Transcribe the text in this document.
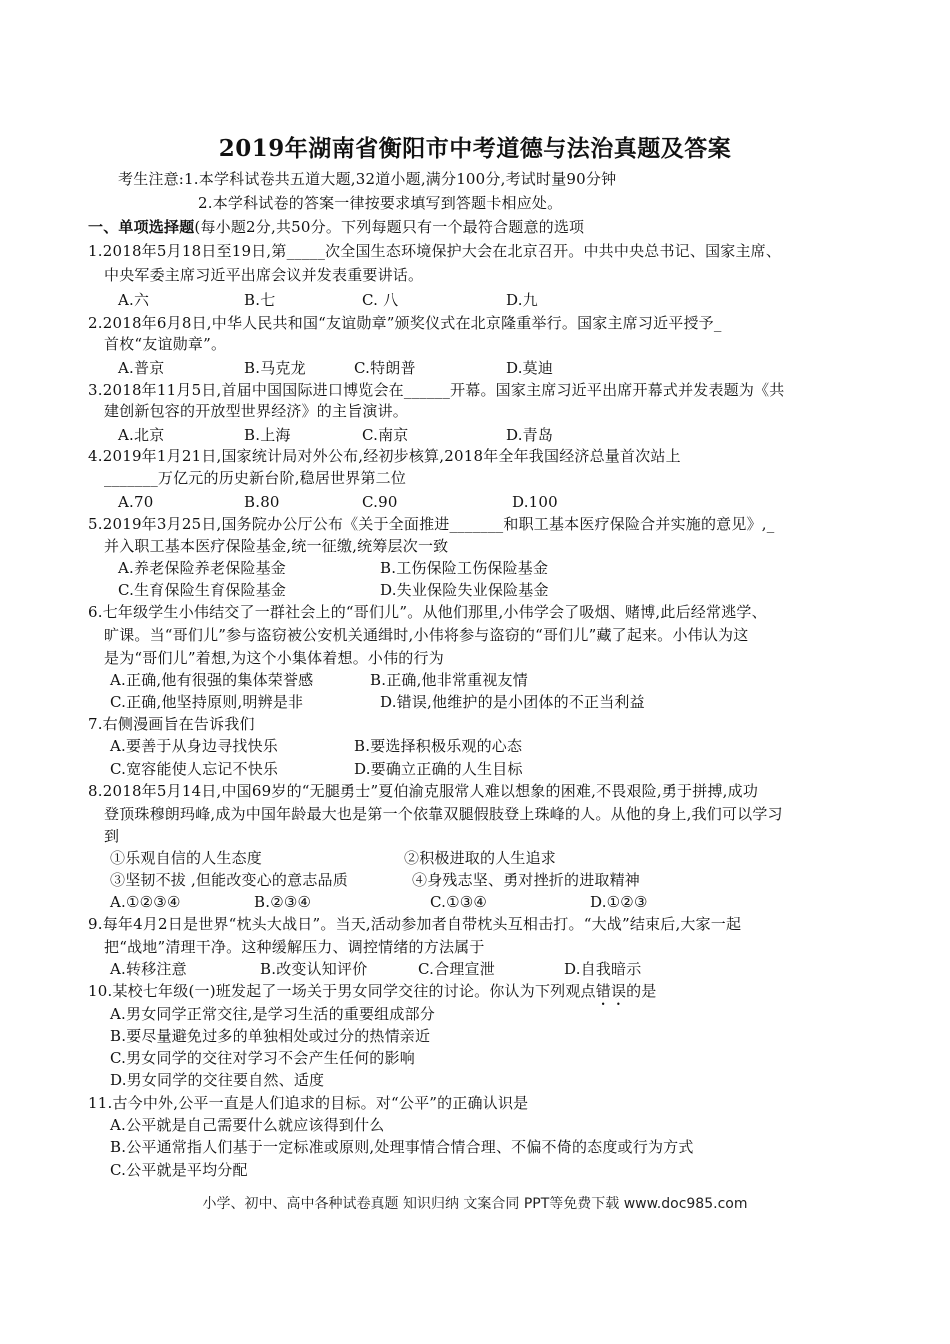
2019年湖南省衡阳市中考道德与法治真题及答案
考生注意:1.本学科试卷共五道大题,32道小题,满分100分,考试时量90分钟
2.本学科试卷的答案一律按要求填写到答题卡相应处。
一、单项选择题(每小题2分,共50分。下列每题只有一个最符合题意的选项
1.2018年5月18日至19日,第_____次全国生态环境保护大会在北京召开。中共中央总书记、国家主席、
中央军委主席习近平出席会议并发表重要讲话。
A.六	B.七	C. 八	D.九
2.2018年6月8日,中华人民共和国“友谊勋章”颁奖仪式在北京隆重举行。国家主席习近平授予_
首枚“友谊勋章”。
A.普京	B.马克龙	C.特朗普	D.莫迪
3.2018年11月5日,首届中国国际进口博览会在______开幕。国家主席习近平出席开幕式并发表题为《共
建创新包容的开放型世界经济》的主旨演讲。
A.北京	B.上海	C.南京	D.青岛
4.2019年1月21日,国家统计局对外公布,经初步核算,2018年全年我国经济总量首次站上
_______万亿元的历史新台阶,稳居世界第二位
A.70	B.80	C.90	D.100
5.2019年3月25日,国务院办公厅公布《关于全面推进_______和职工基本医疗保险合并实施的意见》,_
并入职工基本医疗保险基金,统一征缴,统筹层次一致
A.养老保险养老保险基金	B.工伤保险工伤保险基金
C.生育保险生育保险基金	D.失业保险失业保险基金
6.七年级学生小伟结交了一群社会上的“哥们儿”。从他们那里,小伟学会了吸烟、赌博,此后经常逃学、
旷课。当“哥们儿”参与盗窃被公安机关通缉时,小伟将参与盗窃的“哥们儿”藏了起来。小伟认为这
是为“哥们儿”着想,为这个小集体着想。小伟的行为
A.正确,他有很强的集体荣誉感	B.正确,他非常重视友情
C.正确,他坚持原则,明辨是非	D.错误,他维护的是小团体的不正当利益
7.右侧漫画旨在告诉我们
A.要善于从身边寻找快乐	B.要选择积极乐观的心态
C.宽容能使人忘记不快乐	D.要确立正确的人生目标
8.2018年5月14日,中国69岁的“无腿勇士”夏伯渝克服常人难以想象的困难,不畏艰险,勇于拼搏,成功
登顶珠穆朗玛峰,成为中国年龄最大也是第一个依靠双腿假肢登上珠峰的人。从他的身上,我们可以学习
到
①乐观自信的人生态度	②积极进取的人生追求
③坚韧不拔 ,但能改变心的意志品质	④身残志坚、勇对挫折的进取精神
A.①②③④	B.②③④	C.①③④	D.①②③
9.每年4月2日是世界“枕头大战日”。当天,活动参加者自带枕头互相击打。“大战”结束后,大家一起
把“战地”清理干净。这种缓解压力、调控情绪的方法属于
A.转移注意	B.改变认知评价	C.合理宣泄	D.自我暗示
10.某校七年级(一)班发起了一场关于男女同学交往的讨论。你认为下列观点错误的是
A.男女同学正常交往,是学习生活的重要组成部分
B.要尽量避免过多的单独相处或过分的热情亲近
C.男女同学的交往对学习不会产生任何的影响
D.男女同学的交往要自然、适度
11.古今中外,公平一直是人们追求的目标。对“公平”的正确认识是
A.公平就是自己需要什么就应该得到什么
B.公平通常指人们基于一定标准或原则,处理事情合情合理、不偏不倚的态度或行为方式
C.公平就是平均分配
小学、初中、高中各种试卷真题 知识归纳 文案合同 PPT等免费下载 www.doc985.com
